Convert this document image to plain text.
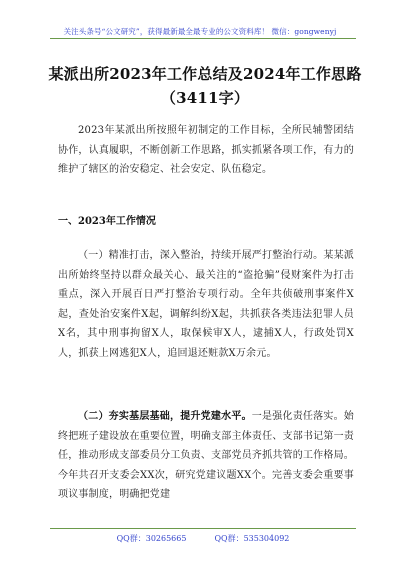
关注头条号“公文研究”，获得最新最全最专业的公文资料库！ 微信：gongwenyj
某派出所2023年工作总结及2024年工作思路（3411字）
2023年某派出所按照年初制定的工作目标，全所民辅警团结协作，认真履职，不断创新工作思路，抓实抓紧各项工作，有力的维护了辖区的治安稳定、社会安定、队伍稳定。
一、2023年工作情况
（一）精准打击，深入整治，持续开展严打整治行动。某某派出所始终坚持以群众最关心、最关注的“盗抢骗”侵财案件为打击重点，深入开展百日严打整治专项行动。全年共侦破刑事案件X起，查处治安案件X起，调解纠纷X起，共抓获各类违法犯罪人员X名，其中刑事拘留X人，取保候审X人，逮捕X人，行政处罚X人，抓获上网逃犯X人，追回退还赃款X万余元。
（二）夯实基层基础，提升党建水平。一是强化责任落实。始终把班子建设放在重要位置，明确支部主体责任、支部书记第一责任，推动形成支部委员分工负责、支部党员齐抓共管的工作格局。今年共召开支委会XX次，研究党建议题XX个。完善支委会重要事项议事制度，明确把党建
QQ群：30265665	QQ群：535304092
